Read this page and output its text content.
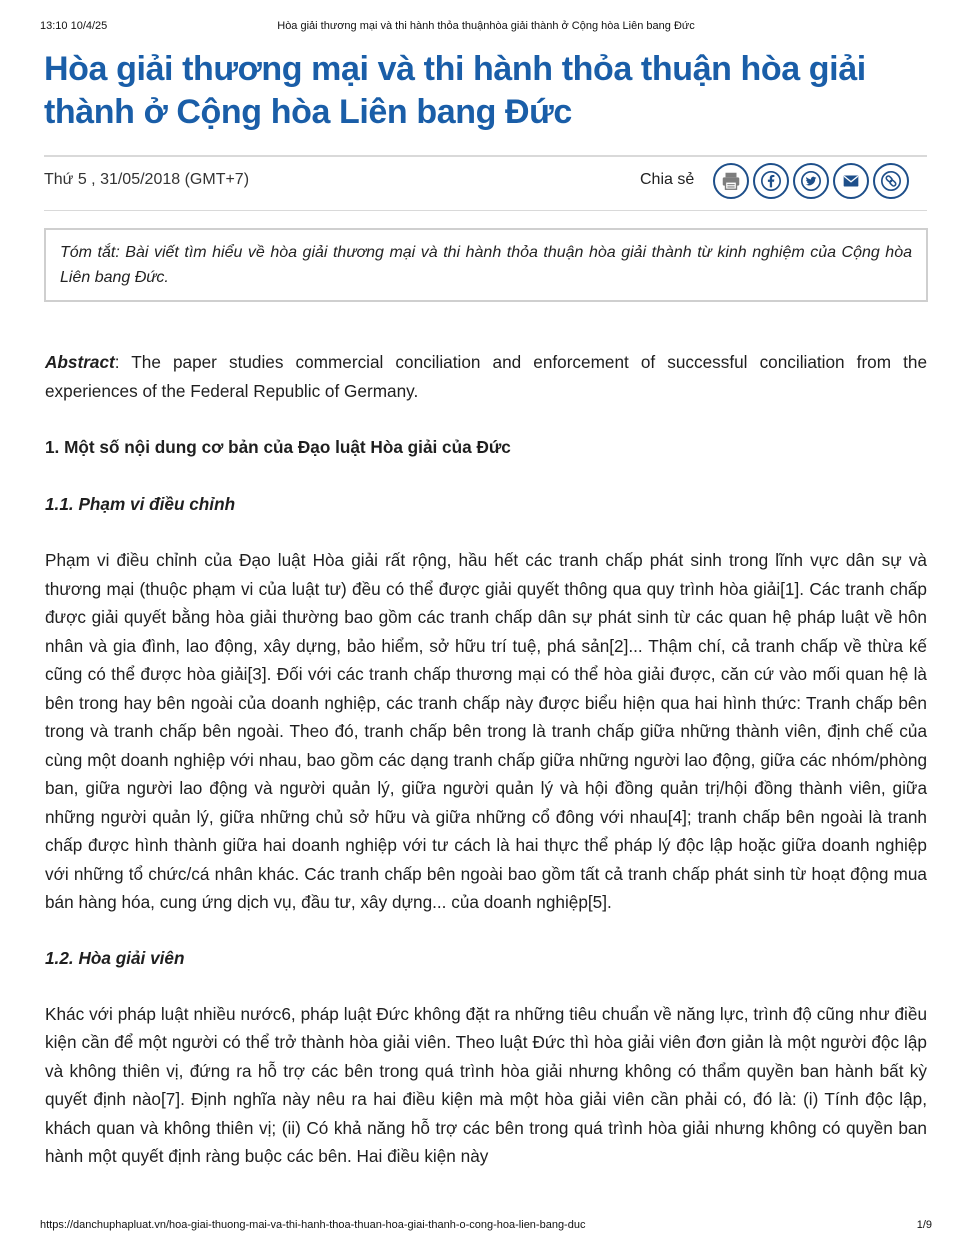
13:10 10/4/25	Hòa giải thương mại và thi hành thỏa thuậnhòa giải thành ở Cộng hòa Liên bang Đức
Hòa giải thương mại và thi hành thỏa thuận hòa giải thành ở Cộng hòa Liên bang Đức
Thứ 5 , 31/05/2018 (GMT+7)	Chia sẻ
Tóm tắt: Bài viết tìm hiểu về hòa giải thương mại và thi hành thỏa thuận hòa giải thành từ kinh nghiệm của Cộng hòa Liên bang Đức.

Abstract: The paper studies commercial conciliation and enforcement of successful conciliation from the experiences of the Federal Republic of Germany.

1. Một số nội dung cơ bản của Đạo luật Hòa giải của Đức
1.1. Phạm vi điều chỉnh

Phạm vi điều chỉnh của Đạo luật Hòa giải rất rộng, hầu hết các tranh chấp phát sinh trong lĩnh vực dân sự và thương mại (thuộc phạm vi của luật tư) đều có thể được giải quyết thông qua quy trình hòa giải[1]. Các tranh chấp được giải quyết bằng hòa giải thường bao gồm các tranh chấp dân sự phát sinh từ các quan hệ pháp luật về hôn nhân và gia đình, lao động, xây dựng, bảo hiểm, sở hữu trí tuệ, phá sản[2]... Thậm chí, cả tranh chấp về thừa kế cũng có thể được hòa giải[3]. Đối với các tranh chấp thương mại có thể hòa giải được, căn cứ vào mối quan hệ là bên trong hay bên ngoài của doanh nghiệp, các tranh chấp này được biểu hiện qua hai hình thức: Tranh chấp bên trong và tranh chấp bên ngoài. Theo đó, tranh chấp bên trong là tranh chấp giữa những thành viên, định chế của cùng một doanh nghiệp với nhau, bao gồm các dạng tranh chấp giữa những người lao động, giữa các nhóm/phòng ban, giữa người lao động và người quản lý, giữa người quản lý và hội đồng quản trị/hội đồng thành viên, giữa những người quản lý, giữa những chủ sở hữu và giữa những cổ đông với nhau[4]; tranh chấp bên ngoài là tranh chấp được hình thành giữa hai doanh nghiệp với tư cách là hai thực thể pháp lý độc lập hoặc giữa doanh nghiệp với những tổ chức/cá nhân khác. Các tranh chấp bên ngoài bao gồm tất cả tranh chấp phát sinh từ hoạt động mua bán hàng hóa, cung ứng dịch vụ, đầu tư, xây dựng... của doanh nghiệp[5].

1.2. Hòa giải viên

Khác với pháp luật nhiều nước6, pháp luật Đức không đặt ra những tiêu chuẩn về năng lực, trình độ cũng như điều kiện cần để một người có thể trở thành hòa giải viên. Theo luật Đức thì hòa giải viên đơn giản là một người độc lập và không thiên vị, đứng ra hỗ trợ các bên trong quá trình hòa giải nhưng không có thẩm quyền ban hành bất kỳ quyết định nào[7]. Định nghĩa này nêu ra hai điều kiện mà một hòa giải viên cần phải có, đó là: (i) Tính độc lập, khách quan và không thiên vị; (ii) Có khả năng hỗ trợ các bên trong quá trình hòa giải nhưng không có quyền ban hành một quyết định ràng buộc các bên. Hai điều kiện này

https://danchuphapluat.vn/hoa-giai-thuong-mai-va-thi-hanh-thoa-thuan-hoa-giai-thanh-o-cong-hoa-lien-bang-duc	1/9
